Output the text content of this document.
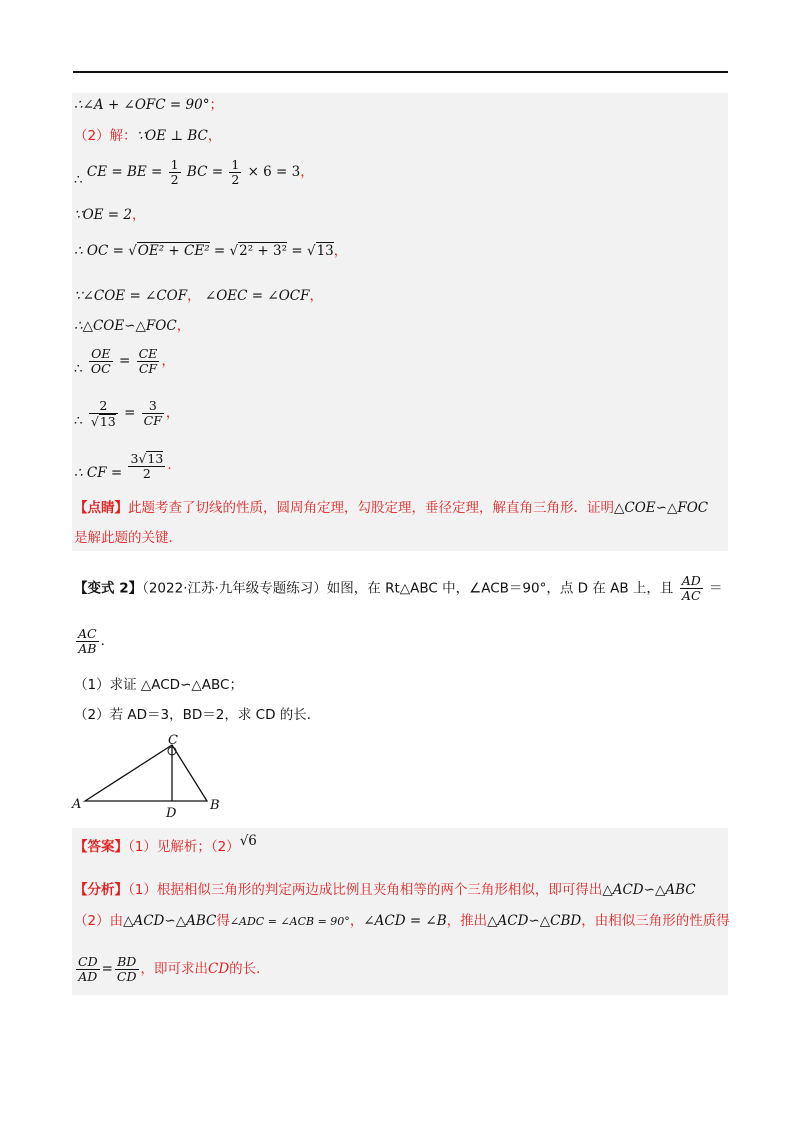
∴∠A + ∠OFC = 90°；
（2）解：∵OE ⊥ BC，
∴ CE = BE = $\frac{1}{2}$ BC = $\frac{1}{2} \times 6 = 3$，
∵OE = 2，
∴ OC = √OE² + CE² = √2² + 3² = √13，
∵∠COE = ∠COF， ∠OEC = ∠OCF，
∴△COE∽△FOC，
∴ $\frac{OE}{OC} = \frac{CE}{CF}$ ，
∴ $\frac{2}{√13} = \frac{3}{CF}$ ，
∴ CF = $\frac{3√13}{2}$ ．
【点睛】此题考查了切线的性质，圆周角定理，勾股定理，垂径定理，解直角三角形．证明△COE∽△FOC
是解此题的关键．
【变式 2】（2022·江苏·九年级专题练习）如图，在 Rt△ABC 中，∠ACB＝90°，点 D 在 AB 上，且 $\frac{AD}{AC}$ ＝
$\frac{AC}{AB}$ ．
（1）求证 △ACD∽△ABC；
（2）若 AD＝3，BD＝2，求 CD 的长．
C
A
D
B
【答案】（1）见解析；（2）√6
【分析】（1）根据相似三角形的判定两边成比例且夹角相等的两个三角形相似，即可得出△ACD∽△ABC
（2）由△ACD∽△ABC得∠ADC = ∠ACB = 90°，∠ACD = ∠B，推出△ACD∽△CBD，由相似三角形的性质得
$\frac{CD}{AD} = \frac{BD}{CD}$ ，即可求出CD的长．
